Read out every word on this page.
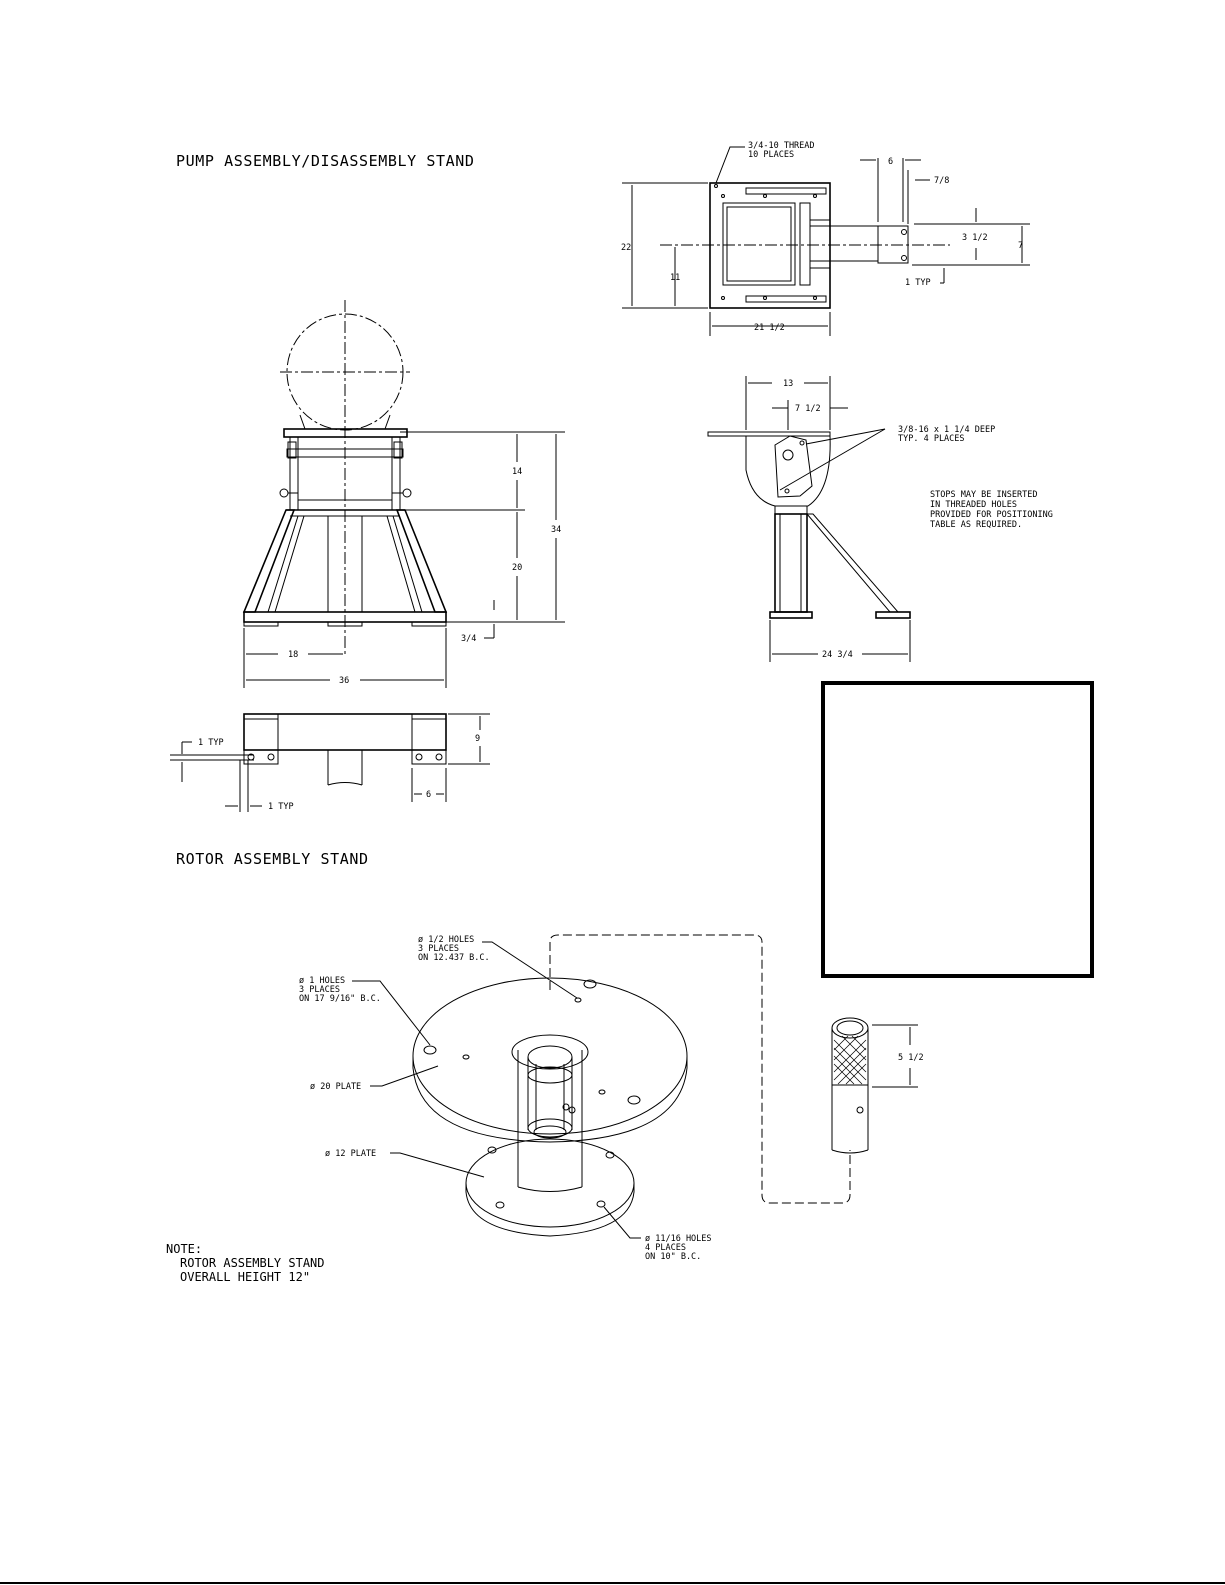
PUMP ASSEMBLY/DISASSEMBLY STAND
ROTOR ASSEMBLY STAND
3/4-10 THREAD
10 PLACES
6
7/8
3 1/2
7
22
11	1 TYP
21 1/2
14
20
34
3/4
18
36
13
7 1/2
3/8-16 x 1 1/4 DEEP
TYP. 4 PLACES
STOPS MAY BE INSERTED
IN THREADED HOLES
PROVIDED FOR POSITIONING
TABLE AS REQUIRED.
24 3/4
1 TYP	9
1 TYP
6
ø 1/2 HOLES
3 PLACES
ON 12.437 B.C.
ø 1 HOLES
3 PLACES
ON 17 9/16" B.C.
ø 20 PLATE
ø 12 PLATE
ø 11/16 HOLES
4 PLACES
ON 10" B.C.
5 1/2
NOTE:
ROTOR ASSEMBLY STAND
OVERALL HEIGHT 12"
